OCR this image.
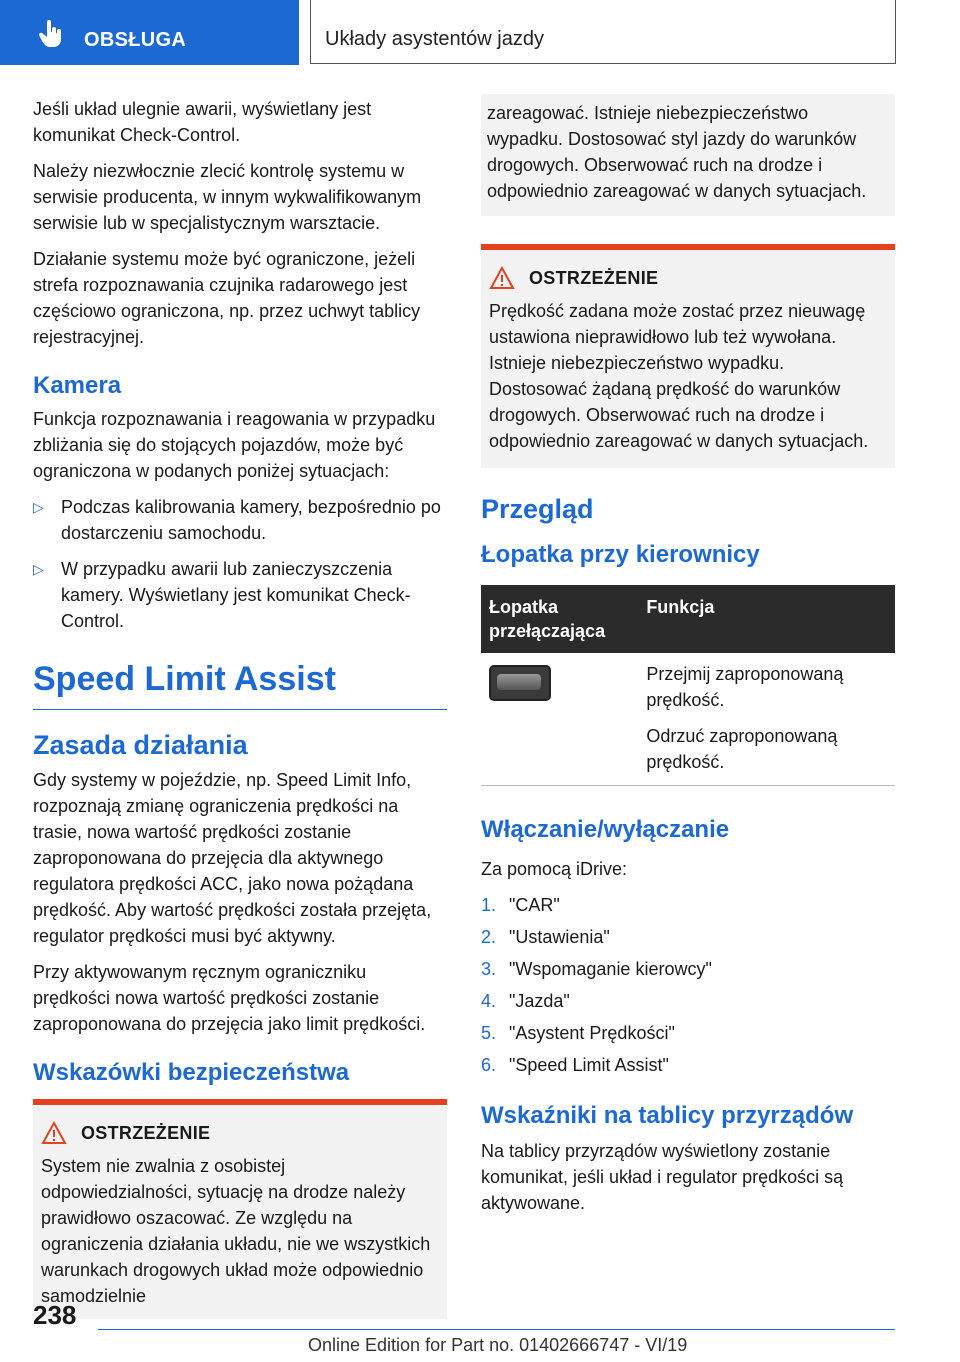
OBSŁUGA	Układy asystentów jazdy

Jeśli układ ulegnie awarii, wyświetlany jest komunikat Check-Control.

Należy niezwłocznie zlecić kontrolę systemu w serwisie producenta, w innym wykwalifikowanym serwisie lub w specjalistycznym warsztacie.

Działanie systemu może być ograniczone, jeżeli strefa rozpoznawania czujnika radarowego jest częściowo ograniczona, np. przez uchwyt tablicy rejestracyjnej.

Kamera

Funkcja rozpoznawania i reagowania w przypadku zbliżania się do stojących pojazdów, może być ograniczona w podanych poniżej sytuacjach:

▷ Podczas kalibrowania kamery, bezpośrednio po dostarczeniu samochodu.
▷ W przypadku awarii lub zanieczyszczenia kamery. Wyświetlany jest komunikat Check-Control.
Speed Limit Assist
Zasada działania

Gdy systemy w pojeździe, np. Speed Limit Info, rozpoznają zmianę ograniczenia prędkości na trasie, nowa wartość prędkości zostanie zaproponowana do przejęcia dla aktywnego regulatora prędkości ACC, jako nowa pożądana prędkość. Aby wartość prędkości została przejęta, regulator prędkości musi być aktywny.

Przy aktywowanym ręcznym ograniczniku prędkości nowa wartość prędkości zostanie zaproponowana do przejęcia jako limit prędkości.

Wskazówki bezpieczeństwa
OSTRZEŻENIE

System nie zwalnia z osobistej odpowiedzialności, sytuację na drodze należy prawidłowo oszacować. Ze względu na ograniczenia działania układu, nie we wszystkich warunkach drogowych układ może odpowiednio samodzielnie

zareagować. Istnieje niebezpieczeństwo wypadku. Dostosować styl jazdy do warunków drogowych. Obserwować ruch na drodze i odpowiednio zareagować w danych sytuacjach.

OSTRZEŻENIE

Prędkość zadana może zostać przez nieuwagę ustawiona nieprawidłowo lub też wywołana. Istnieje niebezpieczeństwo wypadku. Dostosować żądaną prędkość do warunków drogowych. Obserwować ruch na drodze i odpowiednio zareagować w danych sytuacjach.

Przegląd
Łopatka przy kierownicy
Łopatka przełączająca	Funkcja

	Przejmij zaproponowaną prędkość.

Odrzuć zaproponowaną prędkość.

Włączanie/wyłączanie

Za pomocą iDrive:

1. "CAR"
2. "Ustawienia"
3. "Wspomaganie kierowcy"
4. "Jazda"
5. "Asystent Prędkości"
6. "Speed Limit Assist"
Wskaźniki na tablicy przyrządów

Na tablicy przyrządów wyświetlony zostanie komunikat, jeśli układ i regulator prędkości są aktywowane.

238
Online Edition for Part no. 01402666747 - VI/19
